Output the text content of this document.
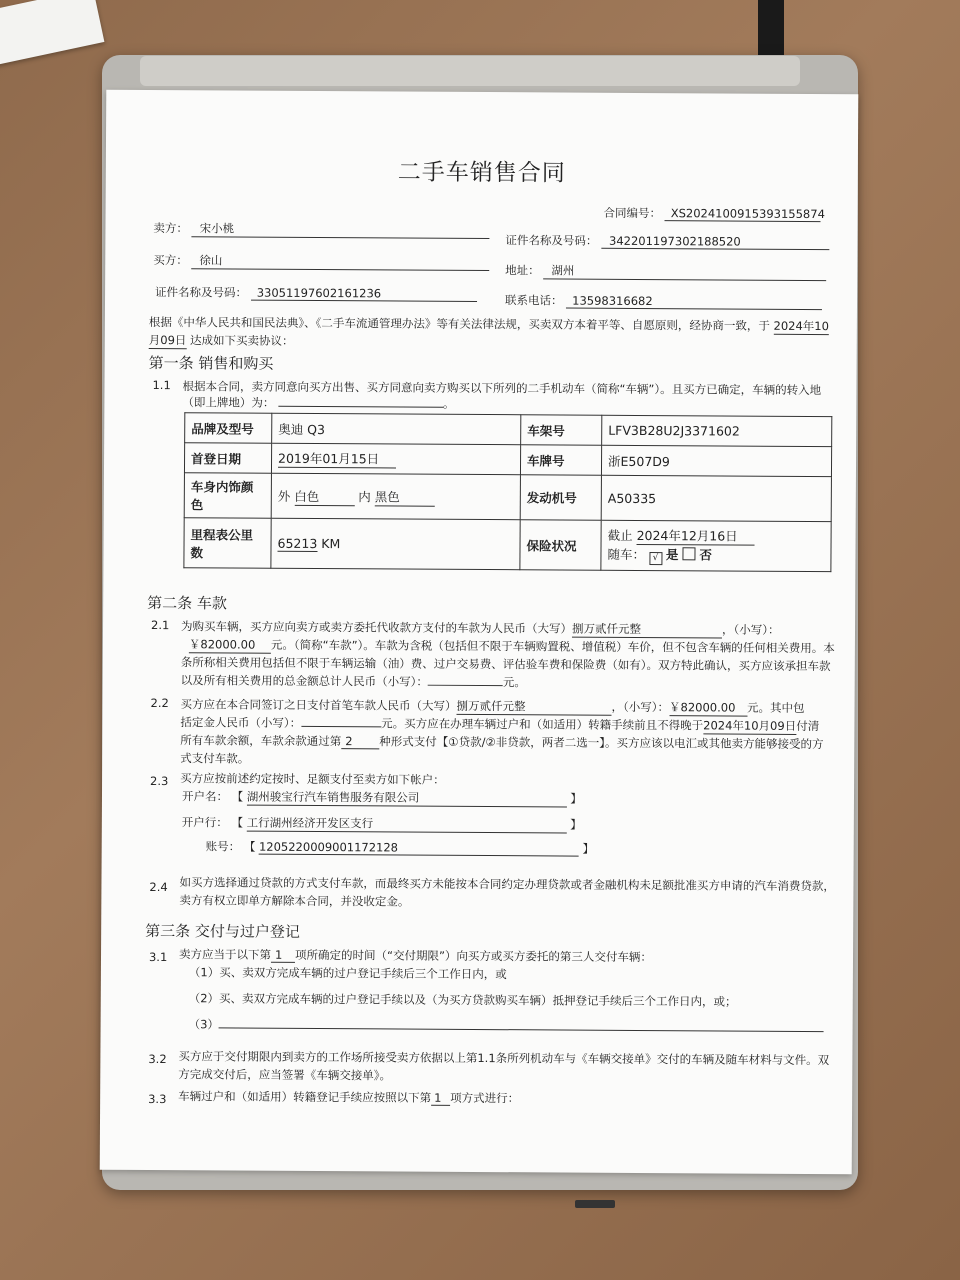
二手车销售合同
合同编号： XS2024100915393155874
卖方： 宋小桃
证件名称及号码： 342201197302188520
买方： 徐山
地址： 湖州
证件名称及号码： 33051197602161236	联系电话： 13598316682
根据《中华人民共和国民法典》、《二手车流通管理办法》等有关法律法规，买卖双方本着平等、自愿原则，经协商一致，于 2024年10
月09日 达成如下买卖协议：
第一条 销售和购买
1.1 根据本合同，卖方同意向买方出售、买方同意向卖方购买以下所列的二手机动车（简称“车辆”）。且买方已确定，车辆的转入地
（即上牌地）为：	。
品牌及型号	奥迪 Q3	车架号	LFV3B28U2J3371602
首登日期	2019年01月15日	车牌号	浙E507D9
车身内饰颜色	外 白色 内 黑色	发动机号	A50335
里程表公里数	65213 KM	保险状况	截止 2024年12月16日
随车： √ 是 否
第二条 车款
2.1 为购买车辆，买方应向卖方或卖方委托代收款方支付的车款为人民币（大写）捌万贰仟元整	，（小写）：
￥82000.00 元。（简称“车款”）。车款为含税（包括但不限于车辆购置税、增值税）车价，但不包含车辆的任何相关费用。本
条所称相关费用包括但不限于车辆运输（油）费、过户交易费、评估验车费和保险费（如有）。双方特此确认，买方应该承担车款
以及所有相关费用的总金额总计人民币（小写）：	元。
2.2 买方应在本合同签订之日支付首笔车款人民币（大写）捌万贰仟元整	，（小写）：￥82000.00 元。其中包
括定金人民币（小写）：	元。买方应在办理车辆过户和（如适用）转籍手续前且不得晚于2024年10月09日付清
所有车款余额，车款余款通过第 2 种形式支付【①贷款/②非贷款，两者二选一】。买方应该以电汇或其他卖方能够接受的方
式支付车款。
2.3 买方应按前述约定按时、足额支付至卖方如下帐户：
开户名： 【 湖州骏宝行汽车销售服务有限公司	】
开户行： 【 工行湖州经济开发区支行	】
账号： 【 1205220009001172128	】
2.4 如买方选择通过贷款的方式支付车款，而最终买方未能按本合同约定办理贷款或者金融机构未足额批准买方申请的汽车消费贷款，
卖方有权立即单方解除本合同，并没收定金。
第三条 交付与过户登记
3.1 卖方应当于以下第 1 项所确定的时间（“交付期限”）向买方或买方委托的第三人交付车辆：
（1）买、卖双方完成车辆的过户登记手续后三个工作日内，或
（2）买、卖双方完成车辆的过户登记手续以及（为买方贷款购买车辆）抵押登记手续后三个工作日内，或；
（3）
3.2 买方应于交付期限内到卖方的工作场所接受卖方依据以上第1.1条所列机动车与《车辆交接单》交付的车辆及随车材料与文件。双
方完成交付后，应当签署《车辆交接单》。
3.3 车辆过户和（如适用）转籍登记手续应按照以下第 1 项方式进行：
